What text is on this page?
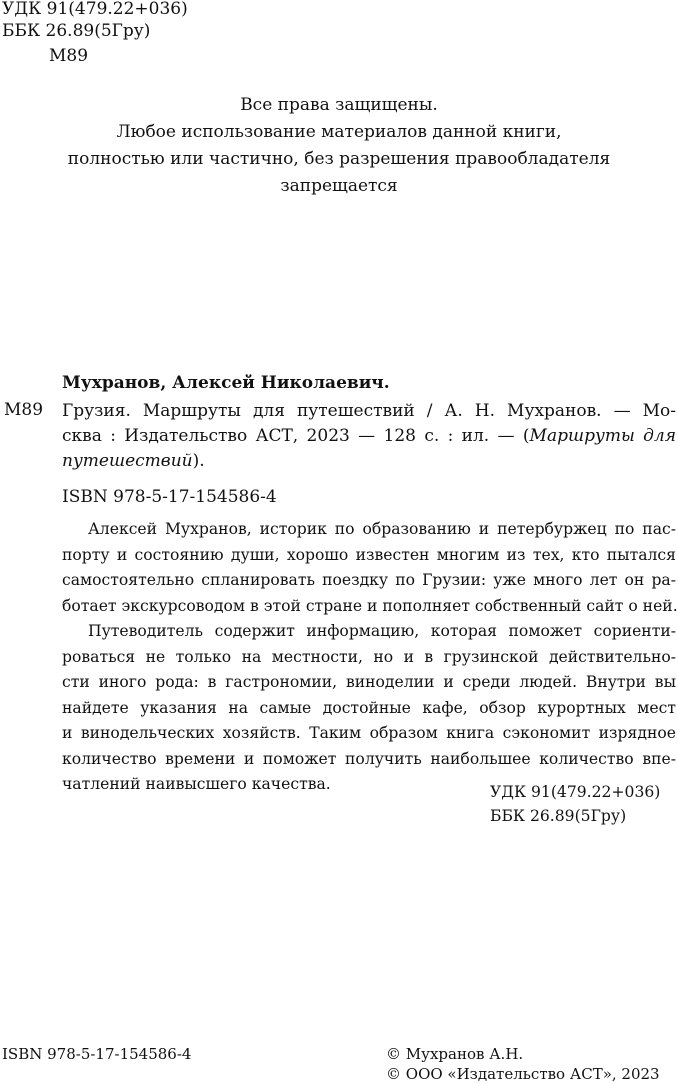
УДК 91(479.22+036)
ББК 26.89(5Гру)
М89
Все права защищены.
Любое использование материалов данной книги,
полностью или частично, без разрешения правообладателя
запрещается
Мухранов, Алексей Николаевич.
М89 Грузия. Маршруты для путешествий / А. Н. Мухранов. — Мо-
сква : Издательство АСТ, 2023 — 128 с. : ил. — (Маршруты для
путешествий).
ISBN 978-5-17-154586-4
Алексей Мухранов, историк по образованию и петербуржец по пас-
порту и состоянию души, хорошо известен многим из тех, кто пытался
самостоятельно спланировать поездку по Грузии: уже много лет он ра-
ботает экскурсоводом в этой стране и пополняет собственный сайт о ней.
Путеводитель содержит информацию, которая поможет сориенти-
роваться не только на местности, но и в грузинской действительно-
сти иного рода: в гастрономии, виноделии и среди людей. Внутри вы
найдете указания на самые достойные кафе, обзор курортных мест
и винодельческих хозяйств. Таким образом книга сэкономит изрядное
количество времени и поможет получить наибольшее количество впе-
чатлений наивысшего качества.	УДК 91(479.22+036)
ББК 26.89(5Гру)
ISBN 978-5-17-154586-4	© Мухранов А.Н.
© ООО «Издательство АСТ», 2023
